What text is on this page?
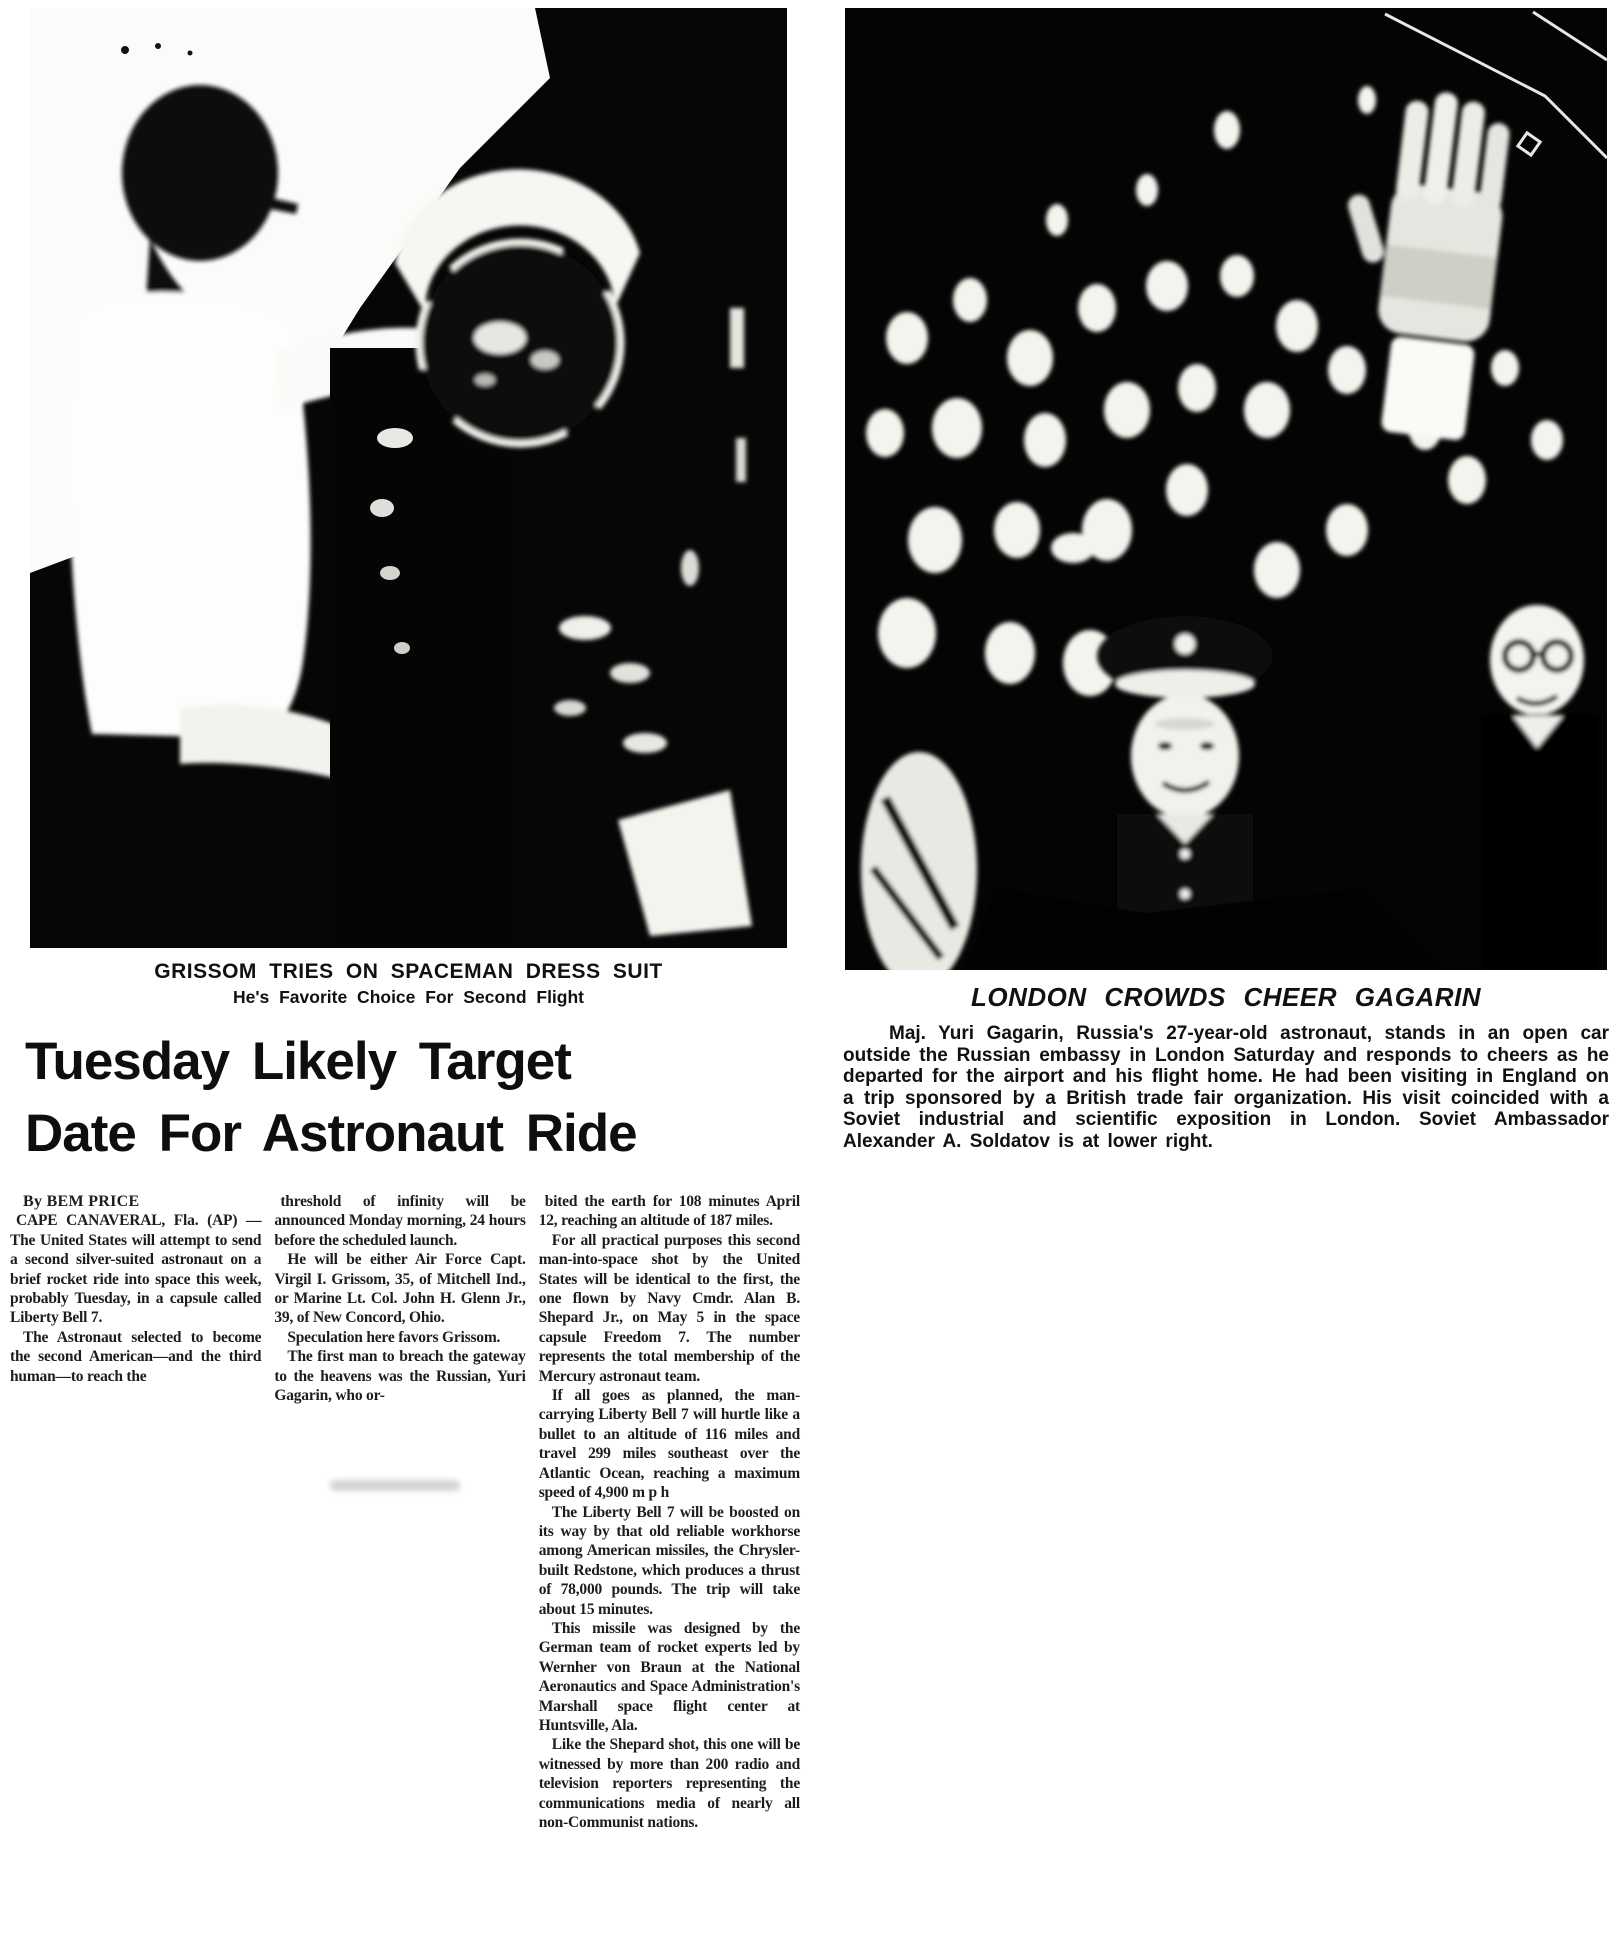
GRISSOM TRIES ON SPACEMAN DRESS SUIT
He's Favorite Choice For Second Flight
Tuesday Likely Target
Date For Astronaut Ride

By BEM PRICE

CAPE CANAVERAL, Fla. (AP) —The United States will attempt to send a second silver-suited astronaut on a brief rocket ride into space this week, probably Tuesday, in a capsule called Liberty Bell 7.

The Astronaut selected to become the second American—and the third human—to reach the

threshold of infinity will be announced Monday morning, 24 hours before the scheduled launch.

He will be either Air Force Capt. Virgil I. Grissom, 35, of Mitchell Ind., or Marine Lt. Col. John H. Glenn Jr., 39, of New Concord, Ohio.

Speculation here favors Grissom.

The first man to breach the gateway to the heavens was the Russian, Yuri Gagarin, who or-

bited the earth for 108 minutes April 12, reaching an altitude of 187 miles.

For all practical purposes this second man-into-space shot by the United States will be identical to the first, the one flown by Navy Cmdr. Alan B. Shepard Jr., on May 5 in the space capsule Freedom 7. The number represents the total membership of the Mercury astronaut team.

If all goes as planned, the man-carrying Liberty Bell 7 will hurtle like a bullet to an altitude of 116 miles and travel 299 miles southeast over the Atlantic Ocean, reaching a maximum speed of 4,900 m p h

The Liberty Bell 7 will be boosted on its way by that old reliable workhorse among American missiles, the Chrysler-built Redstone, which produces a thrust of 78,000 pounds. The trip will take about 15 minutes.

This missile was designed by the German team of rocket experts led by Wernher von Braun at the National Aeronautics and Space Administration's Marshall space flight center at Huntsville, Ala.

Like the Shepard shot, this one will be witnessed by more than 200 radio and television reporters representing the communications media of nearly all non-Communist nations.

LONDON CROWDS CHEER GAGARIN

Maj. Yuri Gagarin, Russia's 27-year-old astronaut, stands in an open car outside the Russian embassy in London Saturday and responds to cheers as he departed for the airport and his flight home. He had been visiting in England on a trip sponsored by a British trade fair organization. His visit coincided with a Soviet industrial and scientific exposition in London. Soviet Ambassador Alexander A. Soldatov is at lower right.
